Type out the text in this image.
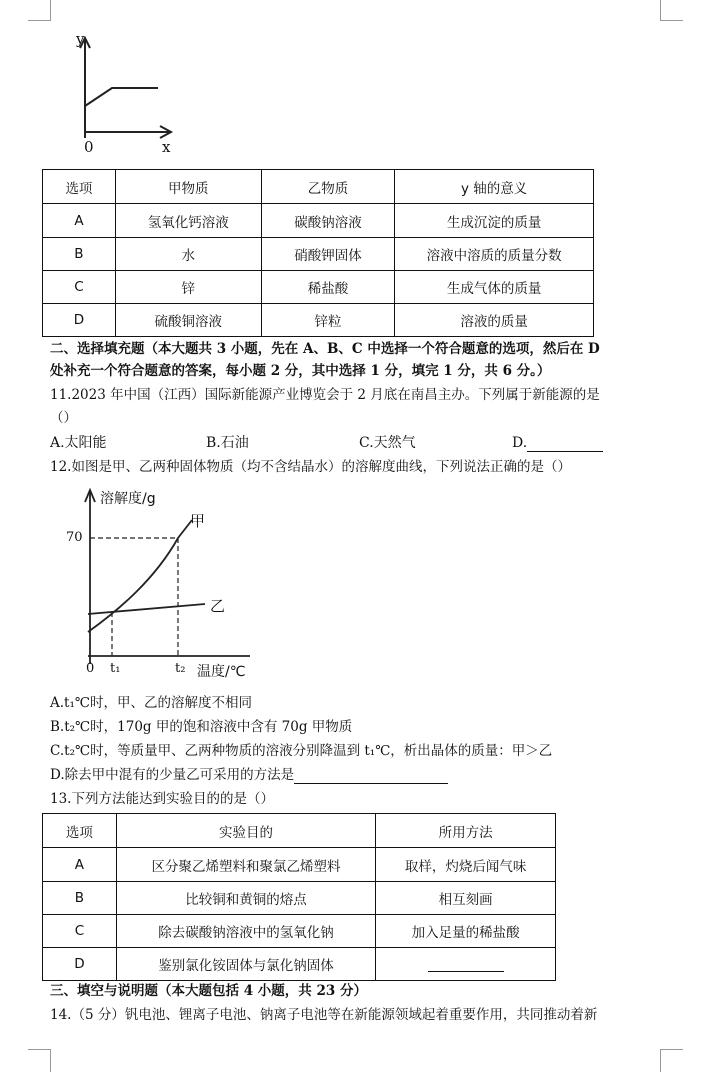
y
0	x
选项	甲物质	乙物质	y 轴的意义
A	氢氧化钙溶液	碳酸钠溶液	生成沉淀的质量
B	水	硝酸钾固体	溶液中溶质的质量分数
C	锌	稀盐酸	生成气体的质量
D	硫酸铜溶液	锌粒	溶液的质量
二、选择填充题（本大题共 3 小题，先在 A、B、C 中选择一个符合题意的选项，然后在 D
处补充一个符合题意的答案，每小题 2 分，其中选择 1 分，填完 1 分，共 6 分。）
11.2023 年中国（江西）国际新能源产业博览会于 2 月底在南昌主办。下列属于新能源的是
（）
A.太阳能	B.石油	C.天然气	D.
12.如图是甲、乙两种固体物质（均不含结晶水）的溶解度曲线，下列说法正确的是（）
溶解度/g
70
甲
乙
0 t₁	t₂ 温度/℃
A.t₁℃时，甲、乙的溶解度不相同
B.t₂℃时，170g 甲的饱和溶液中含有 70g 甲物质
C.t₂℃时，等质量甲、乙两种物质的溶液分别降温到 t₁℃，析出晶体的质量：甲＞乙
D.除去甲中混有的少量乙可采用的方法是
13.下列方法能达到实验目的的是（）
选项	实验目的	所用方法
A	区分聚乙烯塑料和聚氯乙烯塑料	取样，灼烧后闻气味
B	比较铜和黄铜的熔点	相互刻画
C	除去碳酸钠溶液中的氢氧化钠	加入足量的稀盐酸
D	鉴别氯化铵固体与氯化钠固体	
三、填空与说明题（本大题包括 4 小题，共 23 分）
14.（5 分）钒电池、锂离子电池、钠离子电池等在新能源领域起着重要作用，共同推动着新
